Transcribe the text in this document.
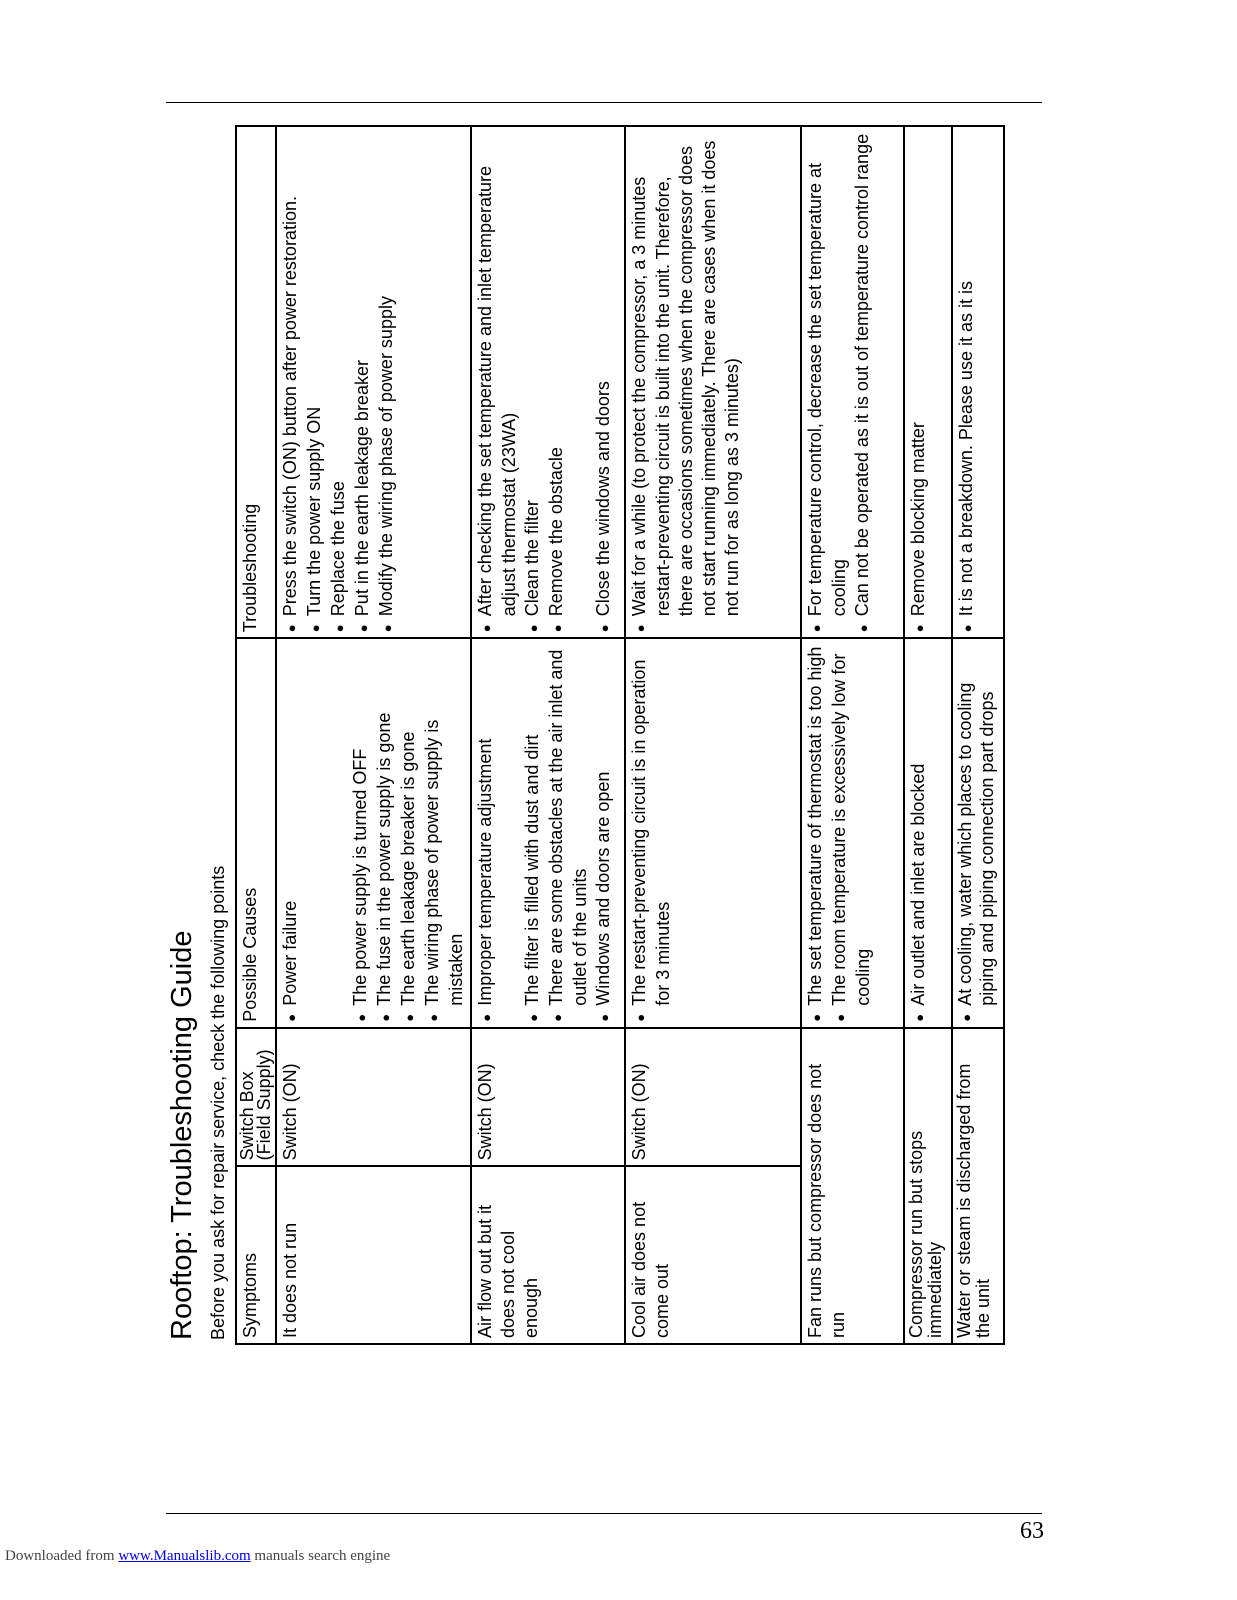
Rooftop: Troubleshooting Guide Before you ask for repair service, check the following points Symptoms	Switch Box (Field Supply)	Possible Causes	Troubleshooting
It does not run	Switch (ON)	● Power failure ● The power supply is turned OFF ● The fuse in the power supply is gone ● The earth leakage breaker is gone ● The wiring phase of power supply is mistaken	● Press the switch (ON) button after power restoration. ● Turn the power supply ON ● Replace the fuse ● Put in the earth leakage breaker ● Modify the wiring phase of power supply

Air flow out but it does not cool enough	Switch (ON)	● Improper temperature adjustment ● The filter is filled with dust and dirt ● There are some obstacles at the air inlet and outlet of the units ● Windows and doors are open	● After checking the set temperature and inlet temperature adjust thermostat (23WA) ● Clean the filter ● Remove the obstacle ● Close the windows and doors

Cool air does not come out	Switch (ON)	● The restart-preventing circuit is in operation for 3 minutes	● Wait for a while (to protect the compressor, a 3 minutes restart-preventing circuit is built into the unit. Therefore, there are occasions sometimes when the compressor does not start running immediately. There are cases when it does not run for as long as 3 minutes)

Fan runs but compressor does not run		● The set temperature of thermostat is too high ● The room temperature is excessively low for cooling	● For temperature control, decrease the set temperature at cooling ● Can not be operated as it is out of temperature control range

Compressor run but stops immediately		● Air outlet and inlet are blocked	● Remove blocking matter

Water or steam is discharged from the unit		● At cooling, water which places to cooling piping and piping connection part drops	● It is not a breakdown. Please use it as it is
63
Downloaded from www.Manualslib.com manuals search engine
